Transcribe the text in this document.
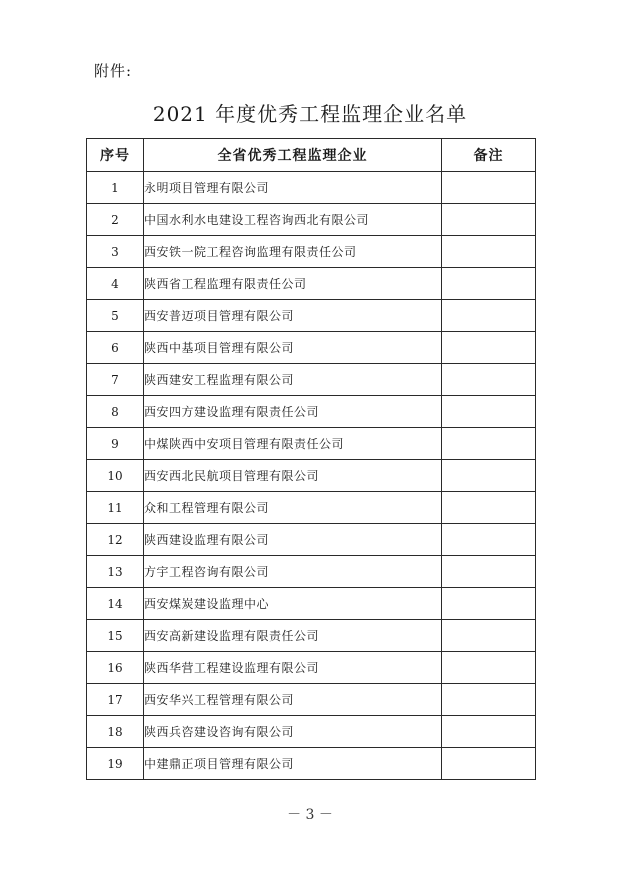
附件:
2021 年度优秀工程监理企业名单
序号	全省优秀工程监理企业	备注
1	永明项目管理有限公司	
2	中国水利水电建设工程咨询西北有限公司	
3	西安铁一院工程咨询监理有限责任公司	
4	陕西省工程监理有限责任公司	
5	西安普迈项目管理有限公司	
6	陕西中基项目管理有限公司	
7	陕西建安工程监理有限公司	
8	西安四方建设监理有限责任公司	
9	中煤陕西中安项目管理有限责任公司	
10	西安西北民航项目管理有限公司	
11	众和工程管理有限公司	
12	陕西建设监理有限公司	
13	方宇工程咨询有限公司	
14	西安煤炭建设监理中心	
15	西安高新建设监理有限责任公司	
16	陕西华营工程建设监理有限公司	
17	西安华兴工程管理有限公司	
18	陕西兵咨建设咨询有限公司	
19	中建鼎正项目管理有限公司	
－ 3 －
